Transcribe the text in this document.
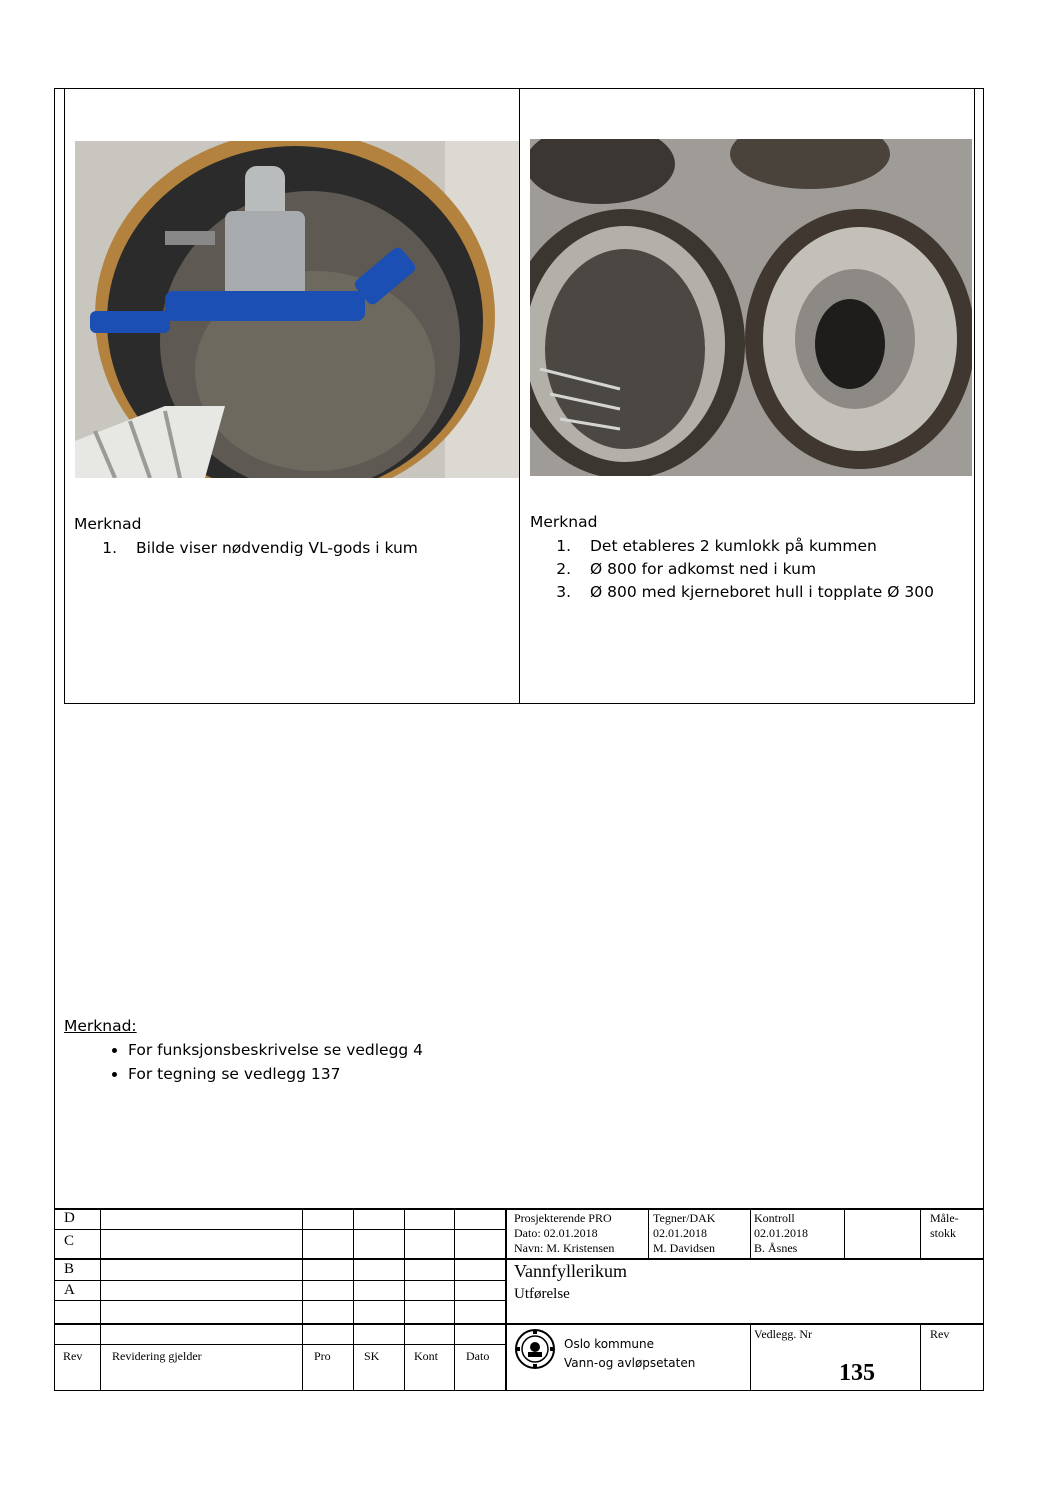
Merknad
1. Bilde viser nødvendig VL-gods i kum
Merknad
1. Det etableres 2 kumlokk på kummen
2. Ø 800 for adkomst ned i kum
3. Ø 800 med kjerneboret hull i topplate Ø 300
Merknad:
• For funksjonsbeskrivelse se vedlegg 4
• For tegning se vedlegg 137
D
C
B
A
Rev Revidering gjelder	Pro	SK	Kont Dato
Prosjekterende PRO
Dato: 02.01.2018
Navn: M. Kristensen
Tegner/DAK
02.01.2018
M. Davidsen
Kontroll
02.01.2018
B. Åsnes
Måle-
stokk
Vannfyllerikum
Utførelse
Oslo kommune
Vann-og avløpsetaten
Vedlegg. Nr
135
Rev
